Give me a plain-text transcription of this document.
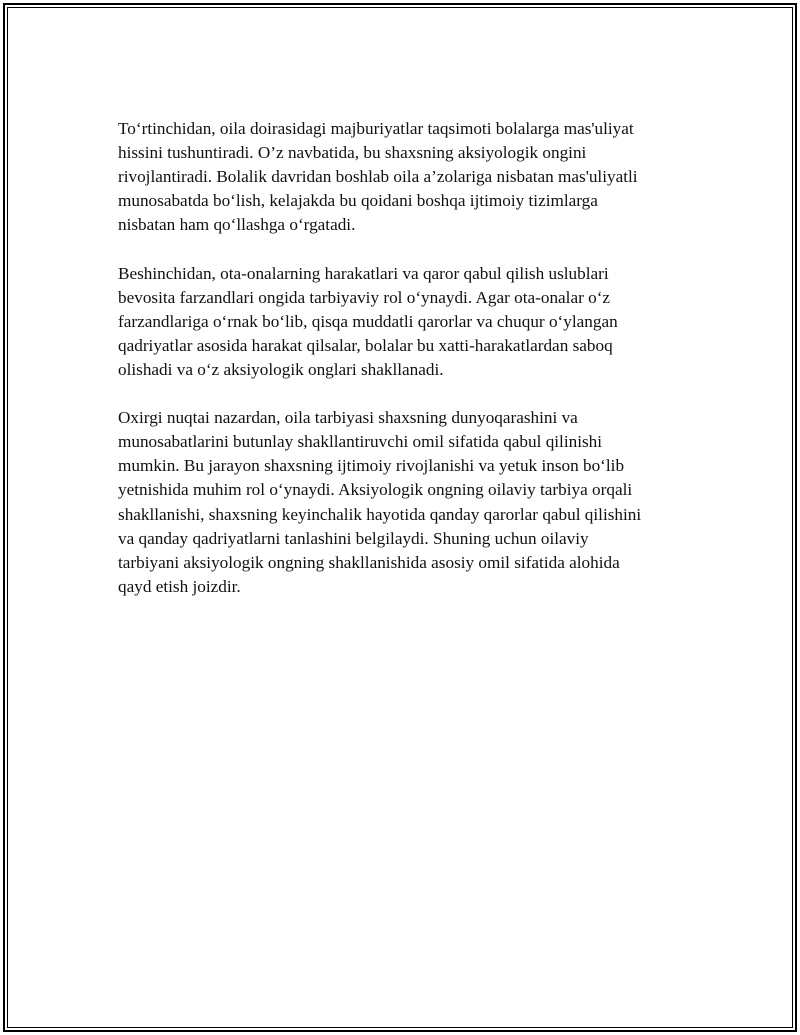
To‘rtinchidan, oila doirasidagi majburiyatlar taqsimoti bolalarga mas'uliyat
hissini tushuntiradi. O’z navbatida, bu shaxsning aksiyologik ongini
rivojlantiradi. Bolalik davridan boshlab oila a’zolariga nisbatan mas'uliyatli
munosabatda bo‘lish, kelajakda bu qoidani boshqa ijtimoiy tizimlarga
nisbatan ham qo‘llashga o‘rgatadi.

Beshinchidan, ota-onalarning harakatlari va qaror qabul qilish uslublari
bevosita farzandlari ongida tarbiyaviy rol o‘ynaydi. Agar ota-onalar o‘z
farzandlariga o‘rnak bo‘lib, qisqa muddatli qarorlar va chuqur o‘ylangan
qadriyatlar asosida harakat qilsalar, bolalar bu xatti-harakatlardan saboq
olishadi va o‘z aksiyologik onglari shakllanadi.

Oxirgi nuqtai nazardan, oila tarbiyasi shaxsning dunyoqarashini va
munosabatlarini butunlay shakllantiruvchi omil sifatida qabul qilinishi
mumkin. Bu jarayon shaxsning ijtimoiy rivojlanishi va yetuk inson bo‘lib
yetnishida muhim rol o‘ynaydi. Aksiyologik ongning oilaviy tarbiya orqali
shakllanishi, shaxsning keyinchalik hayotida qanday qarorlar qabul qilishini
va qanday qadriyatlarni tanlashini belgilaydi. Shuning uchun oilaviy
tarbiyani aksiyologik ongning shakllanishida asosiy omil sifatida alohida
qayd etish joizdir.
